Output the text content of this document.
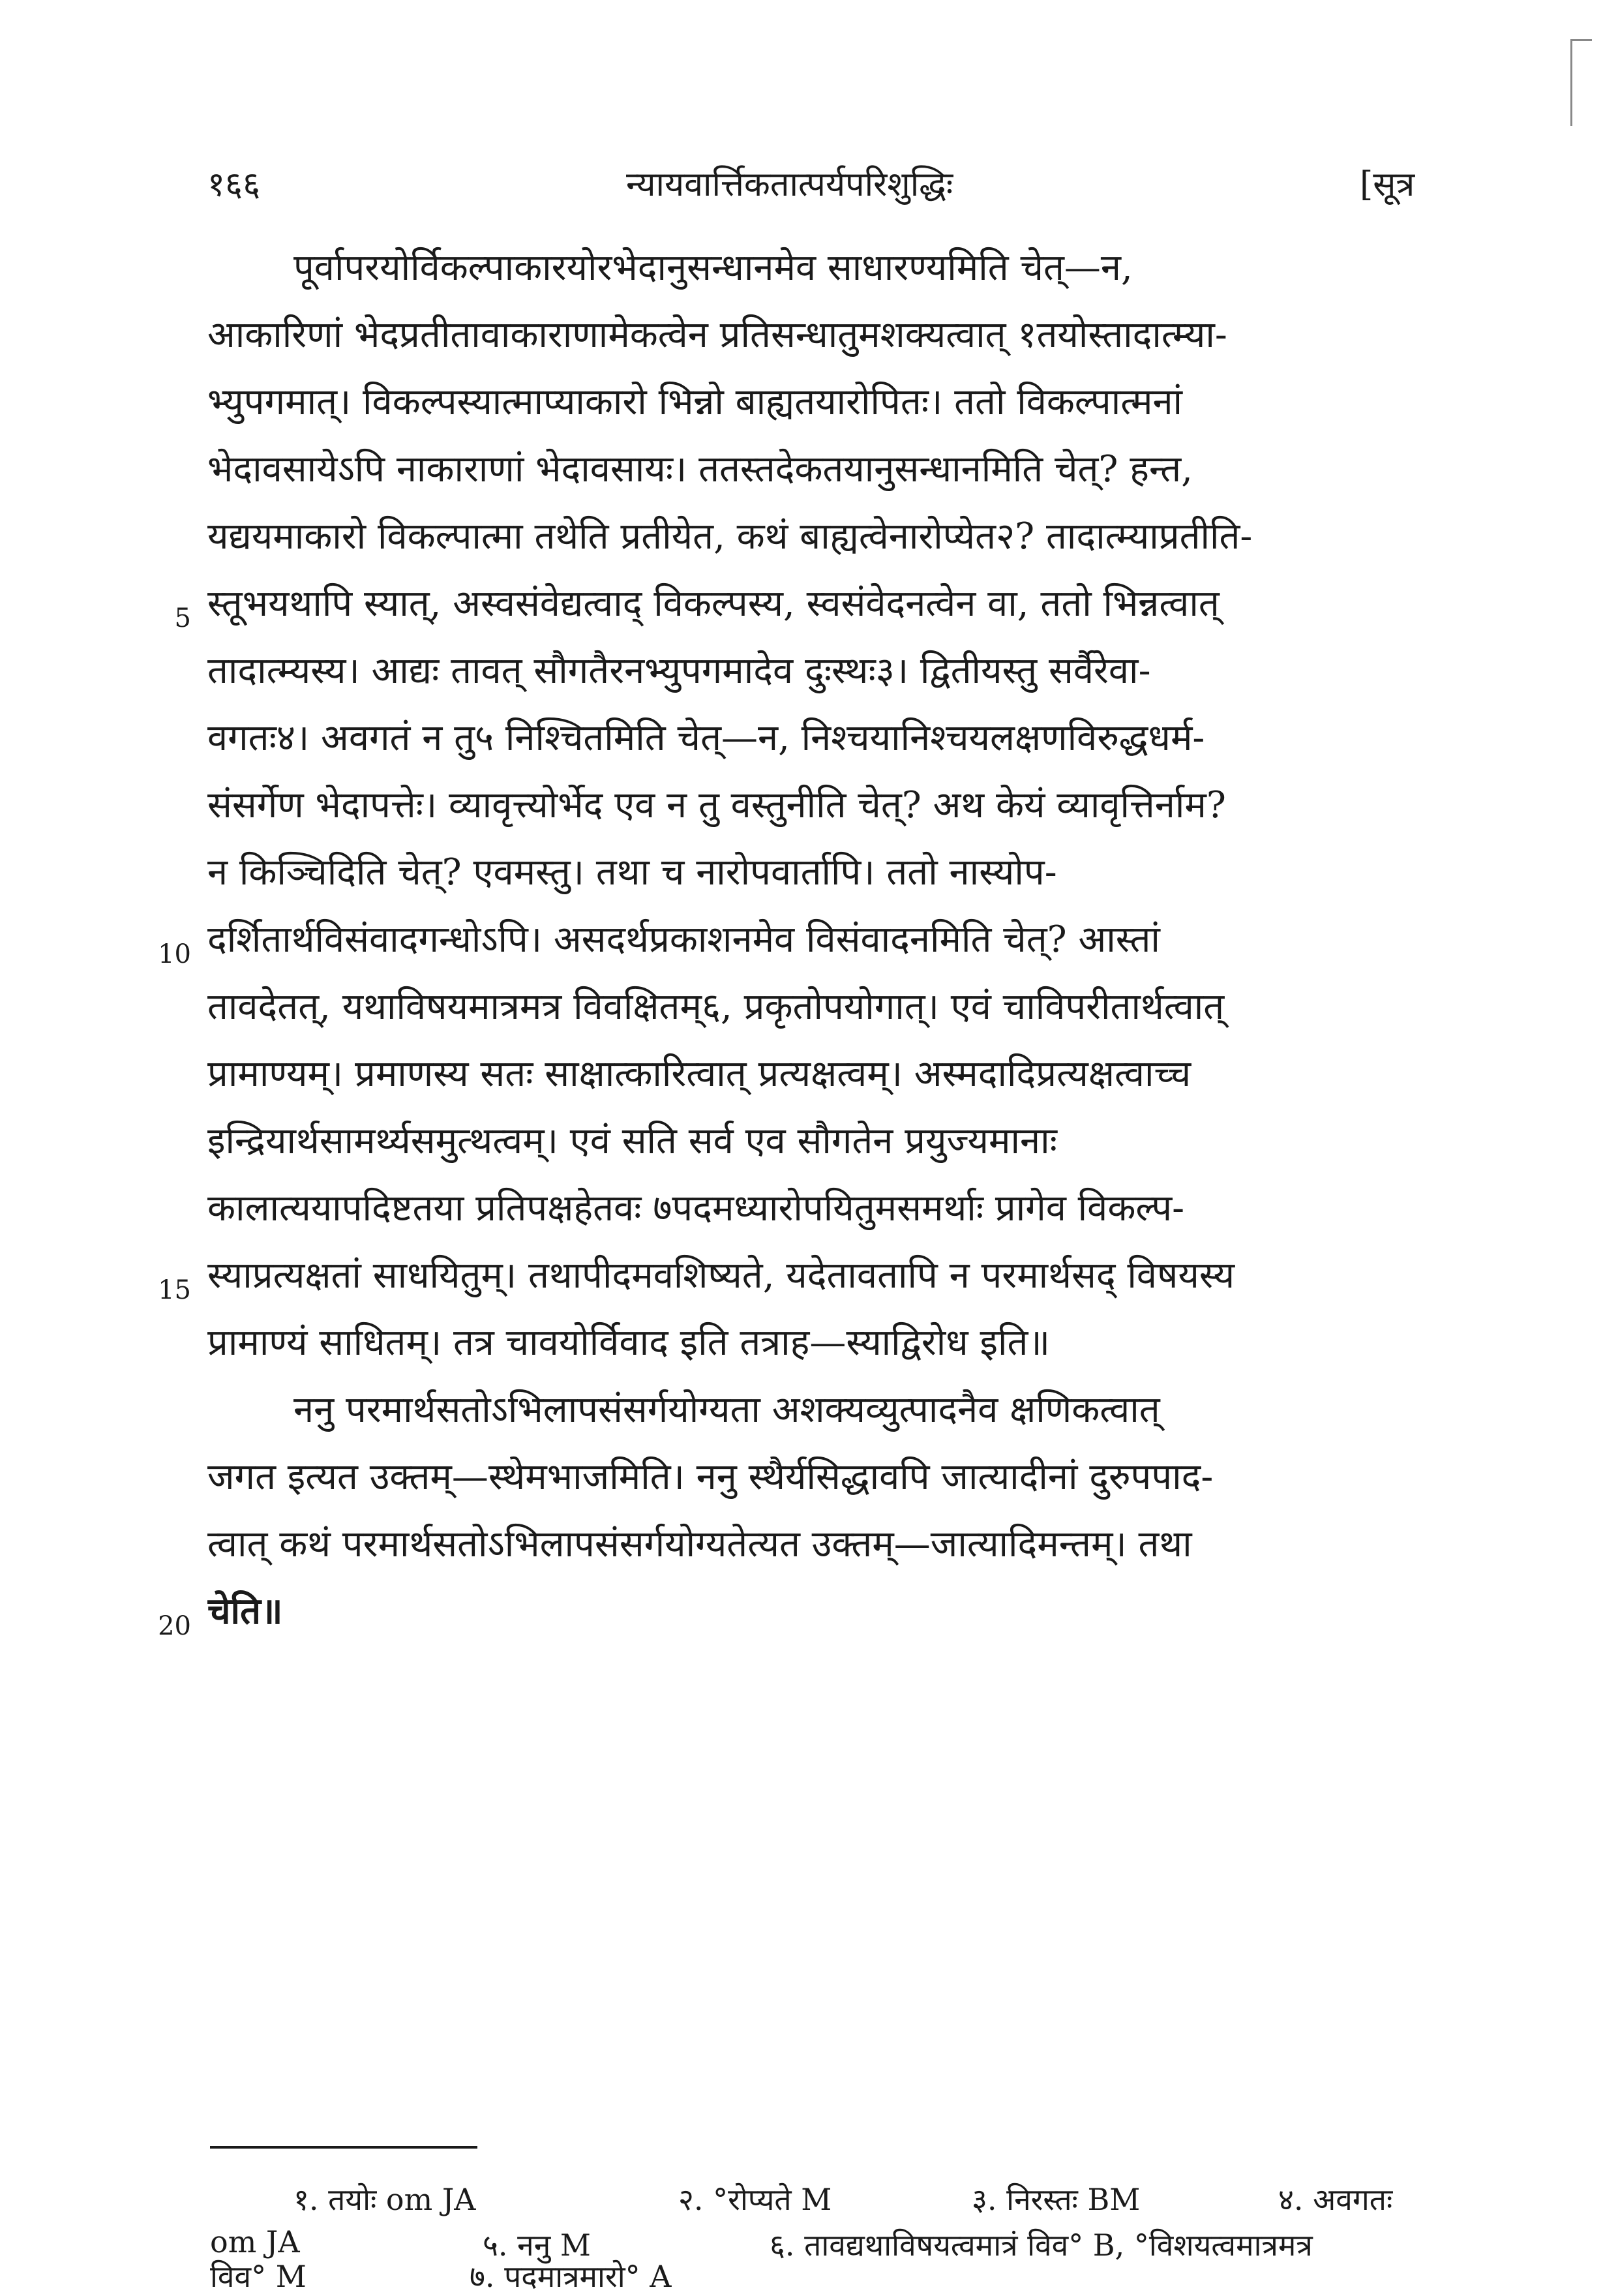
१६६	न्यायवार्त्तिकतात्पर्यपरिशुद्धिः	[सूत्र
पूर्वापरयोर्विकल्पाकारयोरभेदानुसन्धानमेव साधारण्यमिति चेत्—न,
आकारिणां भेदप्रतीतावाकाराणामेकत्वेन प्रतिसन्धातुमशक्यत्वात् १तयोस्तादात्म्या-
भ्युपगमात्। विकल्पस्यात्माप्याकारो भिन्नो बाह्यतयारोपितः। ततो विकल्पात्मनां
भेदावसायेऽपि नाकाराणां भेदावसायः। ततस्तदेकतयानुसन्धानमिति चेत्? हन्त,
5
यद्ययमाकारो विकल्पात्मा तथेति प्रतीयेत, कथं बाह्यत्वेनारोप्येत२? तादात्म्याप्रतीति-
स्तूभयथापि स्यात्, अस्वसंवेद्यत्वाद् विकल्पस्य, स्वसंवेदनत्वेन वा, ततो भिन्नत्वात्
तादात्म्यस्य। आद्यः तावत् सौगतैरनभ्युपगमादेव दुःस्थः३। द्वितीयस्तु सर्वैरेवा-
वगतः४। अवगतं न तु५ निश्चितमिति चेत्—न, निश्चयानिश्चयलक्षणविरुद्धधर्म-
संसर्गेण भेदापत्तेः। व्यावृत्त्योर्भेद एव न तु वस्तुनीति चेत्? अथ केयं व्यावृत्तिर्नाम?
10
न किञ्चिदिति चेत्? एवमस्तु। तथा च नारोपवार्तापि। ततो नास्योप-
दर्शितार्थविसंवादगन्धोऽपि। असदर्थप्रकाशनमेव विसंवादनमिति चेत्? आस्तां
तावदेतत्, यथाविषयमात्रमत्र विवक्षितम्६, प्रकृतोपयोगात्। एवं चाविपरीतार्थत्वात्
प्रामाण्यम्। प्रमाणस्य सतः साक्षात्कारित्वात् प्रत्यक्षत्वम्। अस्मदादिप्रत्यक्षत्वाच्च
इन्द्रियार्थसामर्थ्यसमुत्थत्वम्। एवं सति सर्व एव सौगतेन प्रयुज्यमानाः
15
कालात्ययापदिष्टतया प्रतिपक्षहेतवः ७पदमध्यारोपयितुमसमर्थाः प्रागेव विकल्प-
स्याप्रत्यक्षतां साधयितुम्। तथापीदमवशिष्यते, यदेतावतापि न परमार्थसद् विषयस्य
प्रामाण्यं साधितम्। तत्र चावयोर्विवाद इति तत्राह—स्याद्विरोध इति॥
ननु परमार्थसतोऽभिलापसंसर्गयोग्यता अशक्यव्युत्पादनैव क्षणिकत्वात्
जगत इत्यत उक्तम्—स्थेमभाजमिति। ननु स्थैर्यसिद्धावपि जात्यादीनां दुरुपपाद-
20
त्वात् कथं परमार्थसतोऽभिलापसंसर्गयोग्यतेत्यत उक्तम्—जात्यादिमन्तम्। तथा
चेति॥
१. तयोः om JA	२. °रोप्यते M	३. निरस्तः BM	४. अवगतः
om JA	५. ननु M	६. तावद्यथाविषयत्वमात्रं विव° B, °विशयत्वमात्रमत्र
विव° M	७. पदमात्रमारो° A
